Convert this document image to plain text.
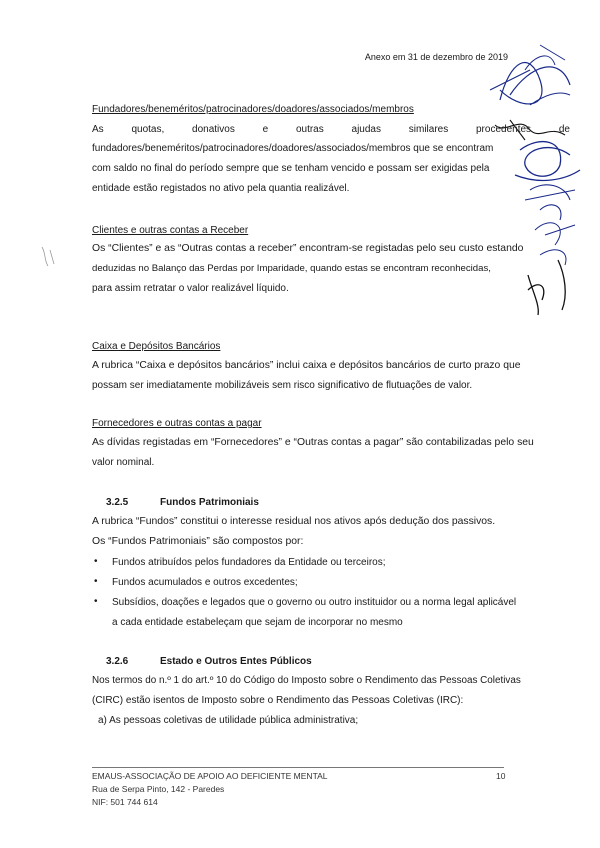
Anexo em 31 de dezembro de 2019
Fundadores/beneméritos/patrocinadores/doadores/associados/membros
As quotas, donativos e outras ajudas similares procedentes de
fundadores/beneméritos/patrocinadores/doadores/associados/membros que se encontram
com saldo no final do período sempre que se tenham vencido e possam ser exigidas pela
entidade estão registados no ativo pela quantia realizável.
Clientes e outras contas a Receber
Os “Clientes” e as “Outras contas a receber” encontram-se registadas pelo seu custo estando
deduzidas no Balanço das Perdas por Imparidade, quando estas se encontram reconhecidas,
para assim retratar o valor realizável líquido.
Caixa e Depósitos Bancários
A rubrica “Caixa e depósitos bancários” inclui caixa e depósitos bancários de curto prazo que
possam ser imediatamente mobilizáveis sem risco significativo de flutuações de valor.
Fornecedores e outras contas a pagar
As dívidas registadas em “Fornecedores” e “Outras contas a pagar” são contabilizadas pelo seu
valor nominal.
3.2.5	Fundos Patrimoniais
A rubrica “Fundos” constitui o interesse residual nos ativos após dedução dos passivos.
Os “Fundos Patrimoniais” são compostos por:
• Fundos atribuídos pelos fundadores da Entidade ou terceiros;
• Fundos acumulados e outros excedentes;
• Subsídios, doações e legados que o governo ou outro instituidor ou a norma legal aplicável
a cada entidade estabeleçam que sejam de incorporar no mesmo
3.2.6	Estado e Outros Entes Públicos
Nos termos do n.º 1 do art.º 10 do Código do Imposto sobre o Rendimento das Pessoas Coletivas
(CIRC) estão isentos de Imposto sobre o Rendimento das Pessoas Coletivas (IRC):
a) As pessoas coletivas de utilidade pública administrativa;
EMAUS-ASSOCIAÇÃO DE APOIO AO DEFICIENTE MENTAL
Rua de Serpa Pinto, 142 - Paredes
NIF: 501 744 614
10
